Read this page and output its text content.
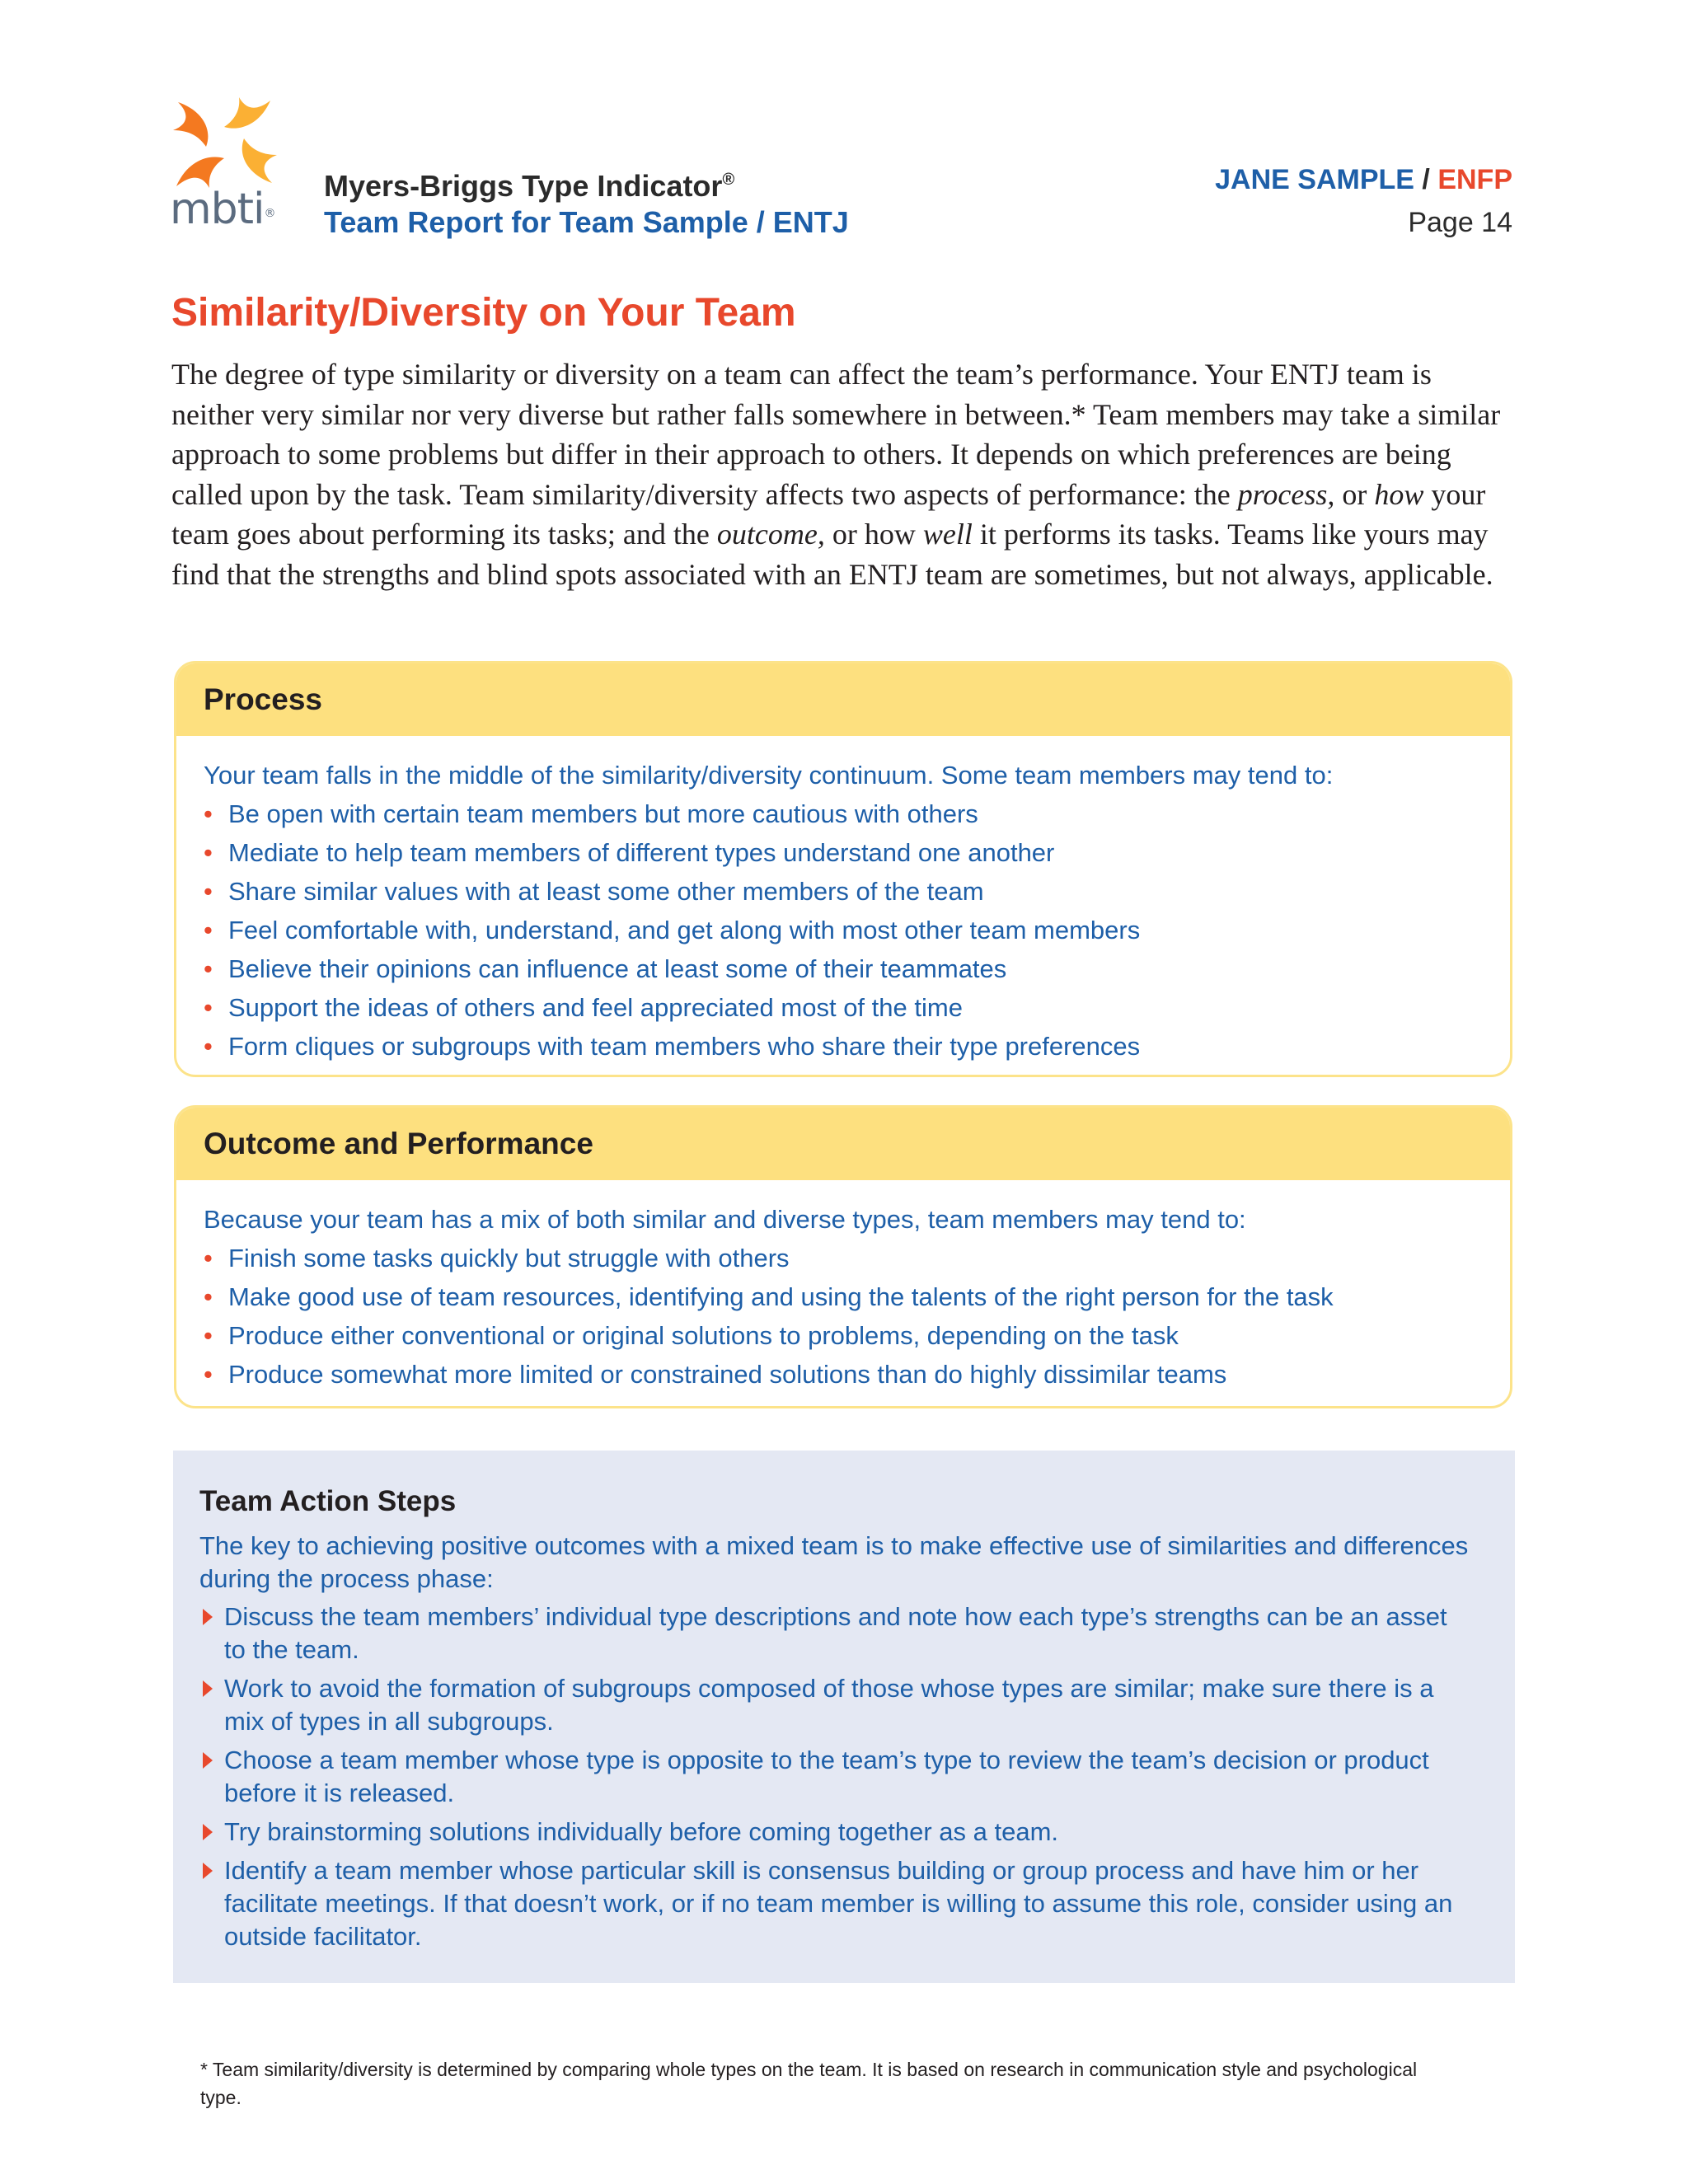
mbti®
Myers-Briggs Type Indicator®
Team Report for Team Sample / ENTJ
JANE SAMPLE / ENFP
Page 14
Similarity/Diversity on Your Team
The degree of type similarity or diversity on a team can affect the team’s performance. Your ENTJ team is neither very similar nor very diverse but rather falls somewhere in between.* Team members may take a similar approach to some problems but differ in their approach to others. It depends on which preferences are being called upon by the task. Team similarity/diversity affects two aspects of performance: the process, or how your team goes about performing its tasks; and the outcome, or how well it performs its tasks. Teams like yours may find that the strengths and blind spots associated with an ENTJ team are sometimes, but not always, applicable.
Process
Your team falls in the middle of the similarity/diversity continuum. Some team members may tend to:
• Be open with certain team members but more cautious with others
• Mediate to help team members of different types understand one another
• Share similar values with at least some other members of the team
• Feel comfortable with, understand, and get along with most other team members
• Believe their opinions can influence at least some of their teammates
• Support the ideas of others and feel appreciated most of the time
• Form cliques or subgroups with team members who share their type preferences
Outcome and Performance
Because your team has a mix of both similar and diverse types, team members may tend to:
• Finish some tasks quickly but struggle with others
• Make good use of team resources, identifying and using the talents of the right person for the task
• Produce either conventional or original solutions to problems, depending on the task
• Produce somewhat more limited or constrained solutions than do highly dissimilar teams
Team Action Steps
The key to achieving positive outcomes with a mixed team is to make effective use of similarities and differences during the process phase:
Discuss the team members’ individual type descriptions and note how each type’s strengths can be an asset to the team.
Work to avoid the formation of subgroups composed of those whose types are similar; make sure there is a mix of types in all subgroups.
Choose a team member whose type is opposite to the team’s type to review the team’s decision or product before it is released.
Try brainstorming solutions individually before coming together as a team.
Identify a team member whose particular skill is consensus building or group process and have him or her facilitate meetings. If that doesn’t work, or if no team member is willing to assume this role, consider using an outside facilitator.
* Team similarity/diversity is determined by comparing whole types on the team. It is based on research in communication style and psychological type.
